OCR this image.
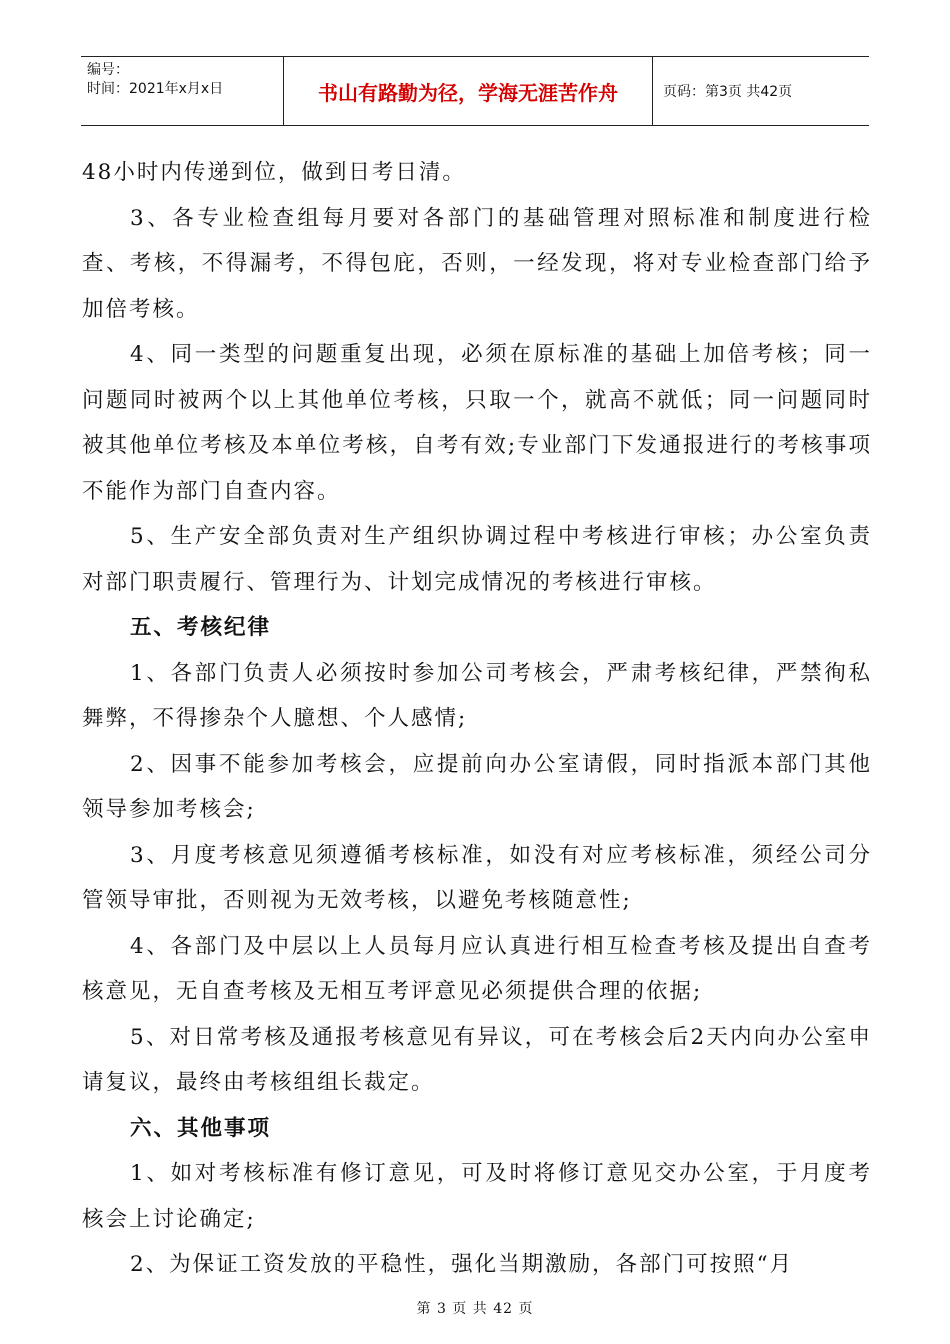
编号：
时间：2021年x月x日	书山有路勤为径，学海无涯苦作舟	页码：第3页 共42页

48小时内传递到位，做到日考日清。

3、各专业检查组每月要对各部门的基础管理对照标准和制度进行检查、考核，不得漏考，不得包庇，否则，一经发现，将对专业检查部门给予加倍考核。

4、同一类型的问题重复出现，必须在原标准的基础上加倍考核；同一问题同时被两个以上其他单位考核，只取一个，就高不就低；同一问题同时被其他单位考核及本单位考核，自考有效;专业部门下发通报进行的考核事项不能作为部门自查内容。

5、生产安全部负责对生产组织协调过程中考核进行审核；办公室负责对部门职责履行、管理行为、计划完成情况的考核进行审核。

五、考核纪律

1、各部门负责人必须按时参加公司考核会，严肃考核纪律，严禁徇私舞弊，不得掺杂个人臆想、个人感情;

2、因事不能参加考核会，应提前向办公室请假，同时指派本部门其他领导参加考核会;

3、月度考核意见须遵循考核标准，如没有对应考核标准，须经公司分管领导审批，否则视为无效考核，以避免考核随意性;

4、各部门及中层以上人员每月应认真进行相互检查考核及提出自查考核意见，无自查考核及无相互考评意见必须提供合理的依据;

5、对日常考核及通报考核意见有异议，可在考核会后2天内向办公室申请复议，最终由考核组组长裁定。

六、其他事项

1、如对考核标准有修订意见，可及时将修订意见交办公室，于月度考核会上讨论确定;

2、为保证工资发放的平稳性，强化当期激励，各部门可按照“月

第 3 页 共 42 页
